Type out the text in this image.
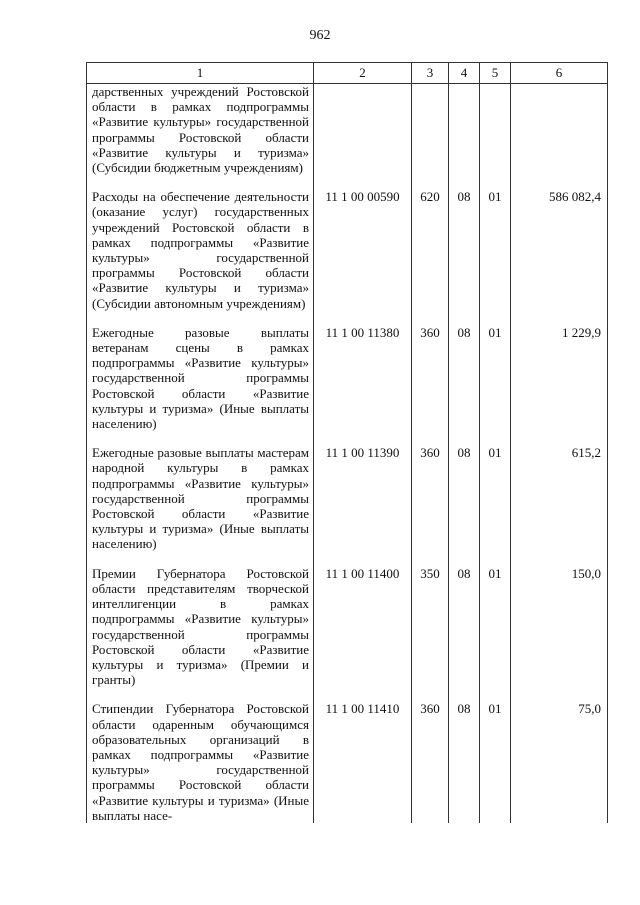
962
1	2	3	4	5	6
дарственных учреждений Ростовской области в рамках подпрограммы «Развитие культуры» государственной программы Ростовской области «Развитие культуры и туризма» (Субсидии бюджетным учреждениям)					

Расходы на обеспечение деятельности (оказание услуг) государственных учреждений Ростовской области в рамках подпрограммы «Развитие культуры» государственной программы Ростовской области «Развитие культуры и туризма» (Субсидии автономным учреждениям)	11 1 00 00590	620	08	01	586 082,4

Ежегодные разовые выплаты ветеранам сцены в рамках подпрограммы «Развитие культуры» государственной программы Ростовской области «Развитие культуры и туризма» (Иные выплаты населению)	11 1 00 11380	360	08	01	1 229,9

Ежегодные разовые выплаты мастерам народной культуры в рамках подпрограммы «Развитие культуры» государственной программы Ростовской области «Развитие культуры и туризма» (Иные выплаты населению)	11 1 00 11390	360	08	01	615,2

Премии Губернатора Ростовской области представителям творческой интеллигенции в рамках подпрограммы «Развитие культуры» государственной программы Ростовской области «Развитие культуры и туризма» (Премии и гранты)	11 1 00 11400	350	08	01	150,0

Стипендии Губернатора Ростовской области одаренным обучающимся образовательных организаций в рамках подпрограммы «Развитие культуры» государственной программы Ростовской области «Развитие культуры и туризма» (Иные выплаты насе-	11 1 00 11410	360	08	01	75,0
